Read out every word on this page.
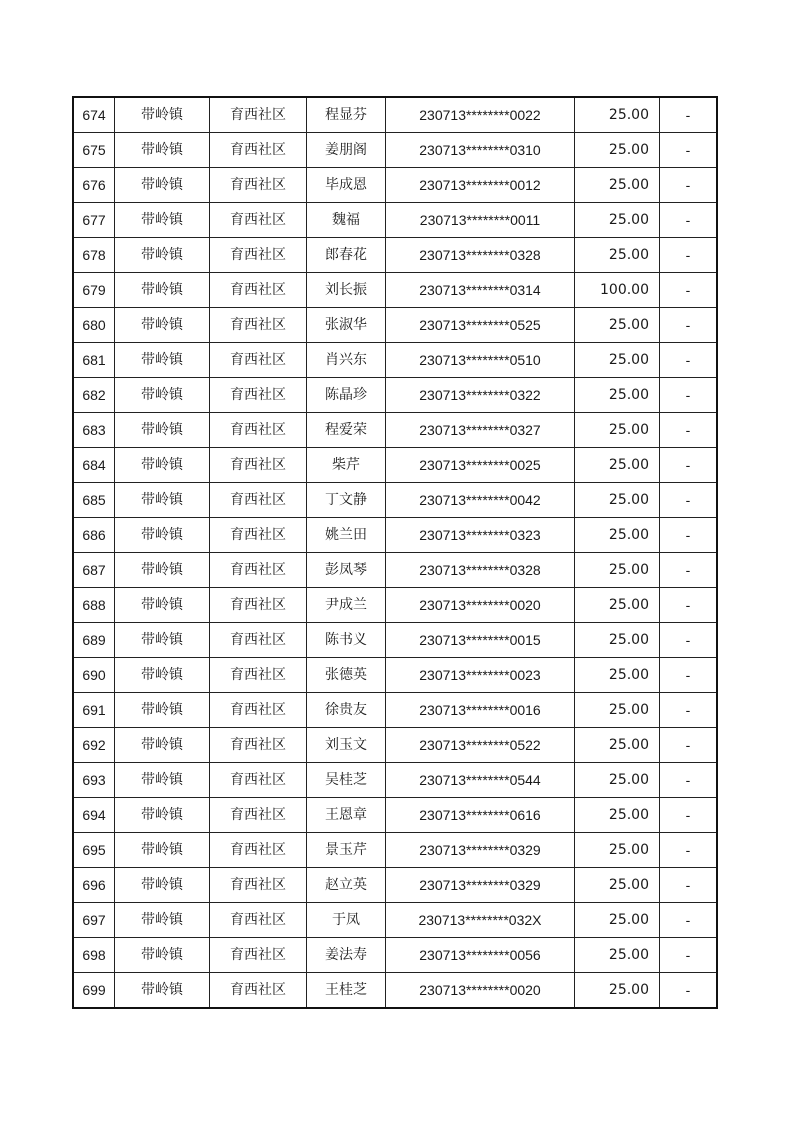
674	带岭镇	育西社区	程显芬	230713********0022	25.00	-
675	带岭镇	育西社区	姜朋阁	230713********0310	25.00	-
676	带岭镇	育西社区	毕成恩	230713********0012	25.00	-
677	带岭镇	育西社区	魏福	230713********0011	25.00	-
678	带岭镇	育西社区	郎春花	230713********0328	25.00	-
679	带岭镇	育西社区	刘长振	230713********0314	100.00	-
680	带岭镇	育西社区	张淑华	230713********0525	25.00	-
681	带岭镇	育西社区	肖兴东	230713********0510	25.00	-
682	带岭镇	育西社区	陈晶珍	230713********0322	25.00	-
683	带岭镇	育西社区	程爱荣	230713********0327	25.00	-
684	带岭镇	育西社区	柴芹	230713********0025	25.00	-
685	带岭镇	育西社区	丁文静	230713********0042	25.00	-
686	带岭镇	育西社区	姚兰田	230713********0323	25.00	-
687	带岭镇	育西社区	彭凤琴	230713********0328	25.00	-
688	带岭镇	育西社区	尹成兰	230713********0020	25.00	-
689	带岭镇	育西社区	陈书义	230713********0015	25.00	-
690	带岭镇	育西社区	张德英	230713********0023	25.00	-
691	带岭镇	育西社区	徐贵友	230713********0016	25.00	-
692	带岭镇	育西社区	刘玉文	230713********0522	25.00	-
693	带岭镇	育西社区	吴桂芝	230713********0544	25.00	-
694	带岭镇	育西社区	王恩章	230713********0616	25.00	-
695	带岭镇	育西社区	景玉芹	230713********0329	25.00	-
696	带岭镇	育西社区	赵立英	230713********0329	25.00	-
697	带岭镇	育西社区	于凤	230713********032X	25.00	-
698	带岭镇	育西社区	姜法寿	230713********0056	25.00	-
699	带岭镇	育西社区	王桂芝	230713********0020	25.00	-
